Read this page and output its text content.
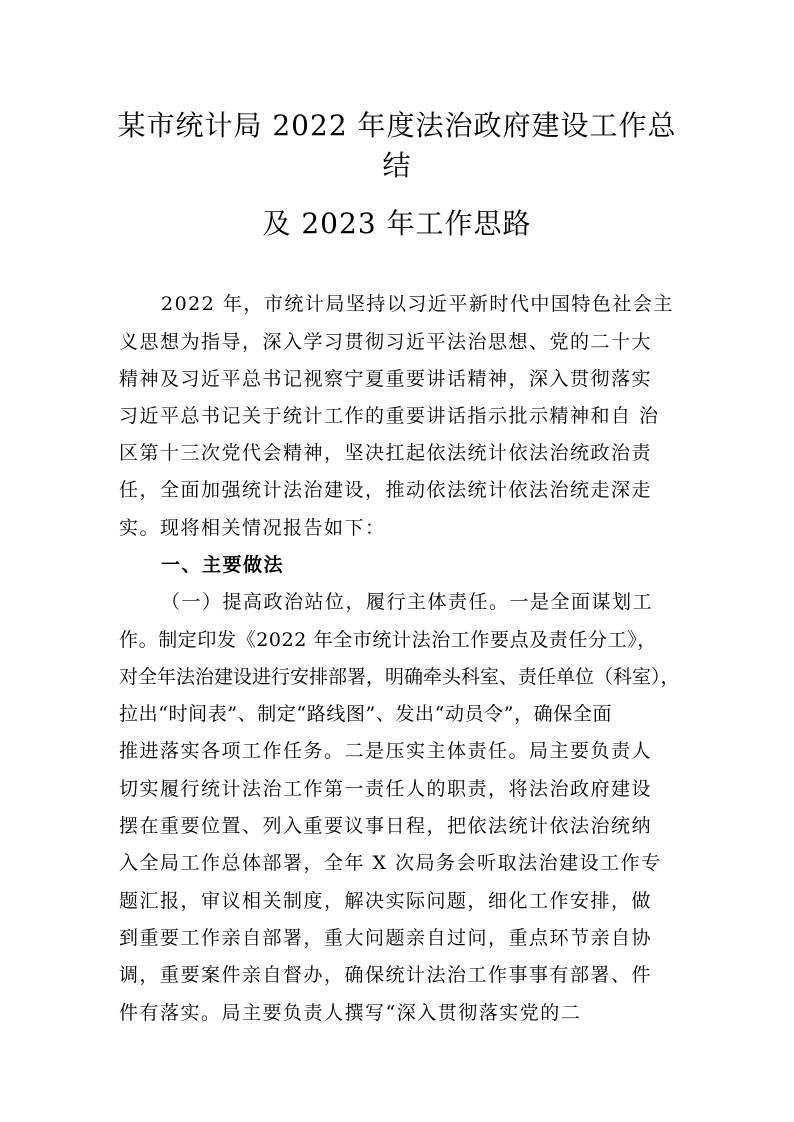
某市统计局 2022 年度法治政府建设工作总
结
及 2023 年工作思路

2022 年，市统计局坚持以习近平新时代中国特色社会主

义思想为指导，深入学习贯彻习近平法治思想、党的二十大

精神及习近平总书记视察宁夏重要讲话精神，深入贯彻落实

习近平总书记关于统计工作的重要讲话指示批示精神和自 治

区第十三次党代会精神，坚决扛起依法统计依法治统政治责

任，全面加强统计法治建设，推动依法统计依法治统走深走

实。现将相关情况报告如下：

一、主要做法

（一）提高政治站位，履行主体责任。一是全面谋划工

作。制定印发《2022 年全市统计法治工作要点及责任分工》，

对全年法治建设进行安排部署，明确牵头科室、责任单位（科室），

拉出“时间表”、制定“路线图”、发出“动员令”，确保全面

推进落实各项工作任务。二是压实主体责任。局主要负责人

切实履行统计法治工作第一责任人的职责，将法治政府建设

摆在重要位置、列入重要议事日程，把依法统计依法治统纳

入全局工作总体部署，全年 X 次局务会听取法治建设工作专

题汇报，审议相关制度，解决实际问题，细化工作安排，做

到重要工作亲自部署，重大问题亲自过问，重点环节亲自协

调，重要案件亲自督办，确保统计法治工作事事有部署、件

件有落实。局主要负责人撰写“深入贯彻落实党的二
